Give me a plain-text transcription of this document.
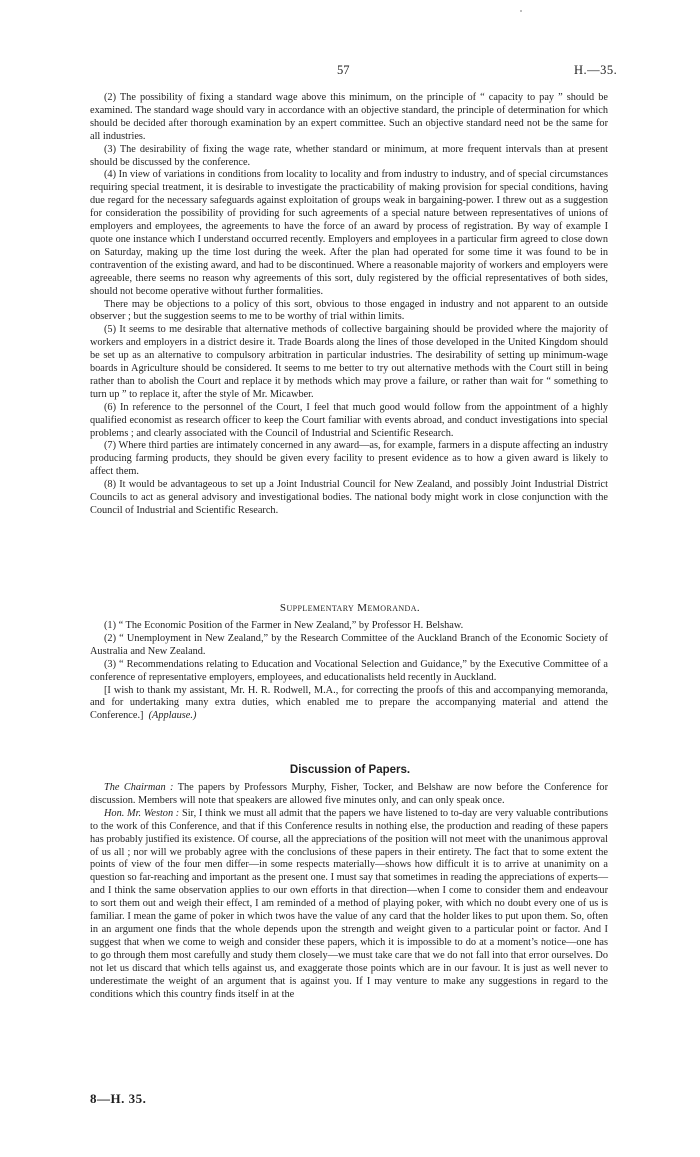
57	H.—35.

(2) The possibility of fixing a standard wage above this minimum, on the principle of “ capacity to pay ” should be examined. The standard wage should vary in accordance with an objective standard, the principle of determination for which should be decided after thorough examination by an expert committee. Such an objective standard need not be the same for all industries.

(3) The desirability of fixing the wage rate, whether standard or minimum, at more frequent intervals than at present should be discussed by the conference.

(4) In view of variations in conditions from locality to locality and from industry to industry, and of special circumstances requiring special treatment, it is desirable to investigate the practicability of making provision for special conditions, having due regard for the necessary safeguards against exploitation of groups weak in bargaining-power. I threw out as a suggestion for consideration the possibility of providing for such agreements of a special nature between representatives of unions of employers and employees, the agreements to have the force of an award by process of registration. By way of example I quote one instance which I understand occurred recently. Employers and employees in a particular firm agreed to close down on Saturday, making up the time lost during the week. After the plan had operated for some time it was found to be in contravention of the existing award, and had to be discontinued. Where a reasonable majority of workers and employers were agreeable, there seems no reason why agreements of this sort, duly registered by the official representatives of both sides, should not become operative without further formalities.

There may be objections to a policy of this sort, obvious to those engaged in industry and not apparent to an outside observer ; but the suggestion seems to me to be worthy of trial within limits.

(5) It seems to me desirable that alternative methods of collective bargaining should be provided where the majority of workers and employers in a district desire it. Trade Boards along the lines of those developed in the United Kingdom should be set up as an alternative to compulsory arbitration in particular industries. The desirability of setting up minimum-wage boards in Agriculture should be considered. It seems to me better to try out alternative methods with the Court still in being rather than to abolish the Court and replace it by methods which may prove a failure, or rather than wait for “ something to turn up ” to replace it, after the style of Mr. Micawber.

(6) In reference to the personnel of the Court, I feel that much good would follow from the appointment of a highly qualified economist as research officer to keep the Court familiar with events abroad, and conduct investigations into special problems ; and clearly associated with the Council of Industrial and Scientific Research.

(7) Where third parties are intimately concerned in any award—as, for example, farmers in a dispute affecting an industry producing farming products, they should be given every facility to present evidence as to how a given award is likely to affect them.

(8) It would be advantageous to set up a Joint Industrial Council for New Zealand, and possibly Joint Industrial District Councils to act as general advisory and investigational bodies. The national body might work in close conjunction with the Council of Industrial and Scientific Research.

Supplementary Memoranda.

(1) “ The Economic Position of the Farmer in New Zealand,” by Professor H. Belshaw.

(2) “ Unemployment in New Zealand,” by the Research Committee of the Auckland Branch of the Economic Society of Australia and New Zealand.

(3) “ Recommendations relating to Education and Vocational Selection and Guidance,” by the Executive Committee of a conference of representative employers, employees, and educationalists held recently in Auckland.

[I wish to thank my assistant, Mr. H. R. Rodwell, M.A., for correcting the proofs of this and accompanying memoranda, and for undertaking many extra duties, which enabled me to prepare the accompanying material and attend the Conference.] (Applause.)

Discussion of Papers.

The Chairman : The papers by Professors Murphy, Fisher, Tocker, and Belshaw are now before the Conference for discussion. Members will note that speakers are allowed five minutes only, and can only speak once.

Hon. Mr. Weston : Sir, I think we must all admit that the papers we have listened to to-day are very valuable contributions to the work of this Conference, and that if this Conference results in nothing else, the production and reading of these papers has probably justified its existence. Of course, all the appreciations of the position will not meet with the unanimous approval of us all ; nor will we probably agree with the conclusions of these papers in their entirety. The fact that to some extent the points of view of the four men differ—in some respects materially—shows how difficult it is to arrive at unanimity on a question so far-reaching and important as the present one. I must say that sometimes in reading the appreciations of experts—and I think the same observation applies to our own efforts in that direction—when I come to consider them and endeavour to sort them out and weigh their effect, I am reminded of a method of playing poker, with which no doubt every one of us is familiar. I mean the game of poker in which twos have the value of any card that the holder likes to put upon them. So, often in an argument one finds that the whole depends upon the strength and weight given to a particular point or factor. And I suggest that when we come to weigh and consider these papers, which it is impossible to do at a moment’s notice—one has to go through them most carefully and study them closely—we must take care that we do not fall into that error ourselves. Do not let us discard that which tells against us, and exaggerate those points which are in our favour. It is just as well never to underestimate the weight of an argument that is against you. If I may venture to make any suggestions in regard to the conditions which this country finds itself in at the

8—H. 35.
